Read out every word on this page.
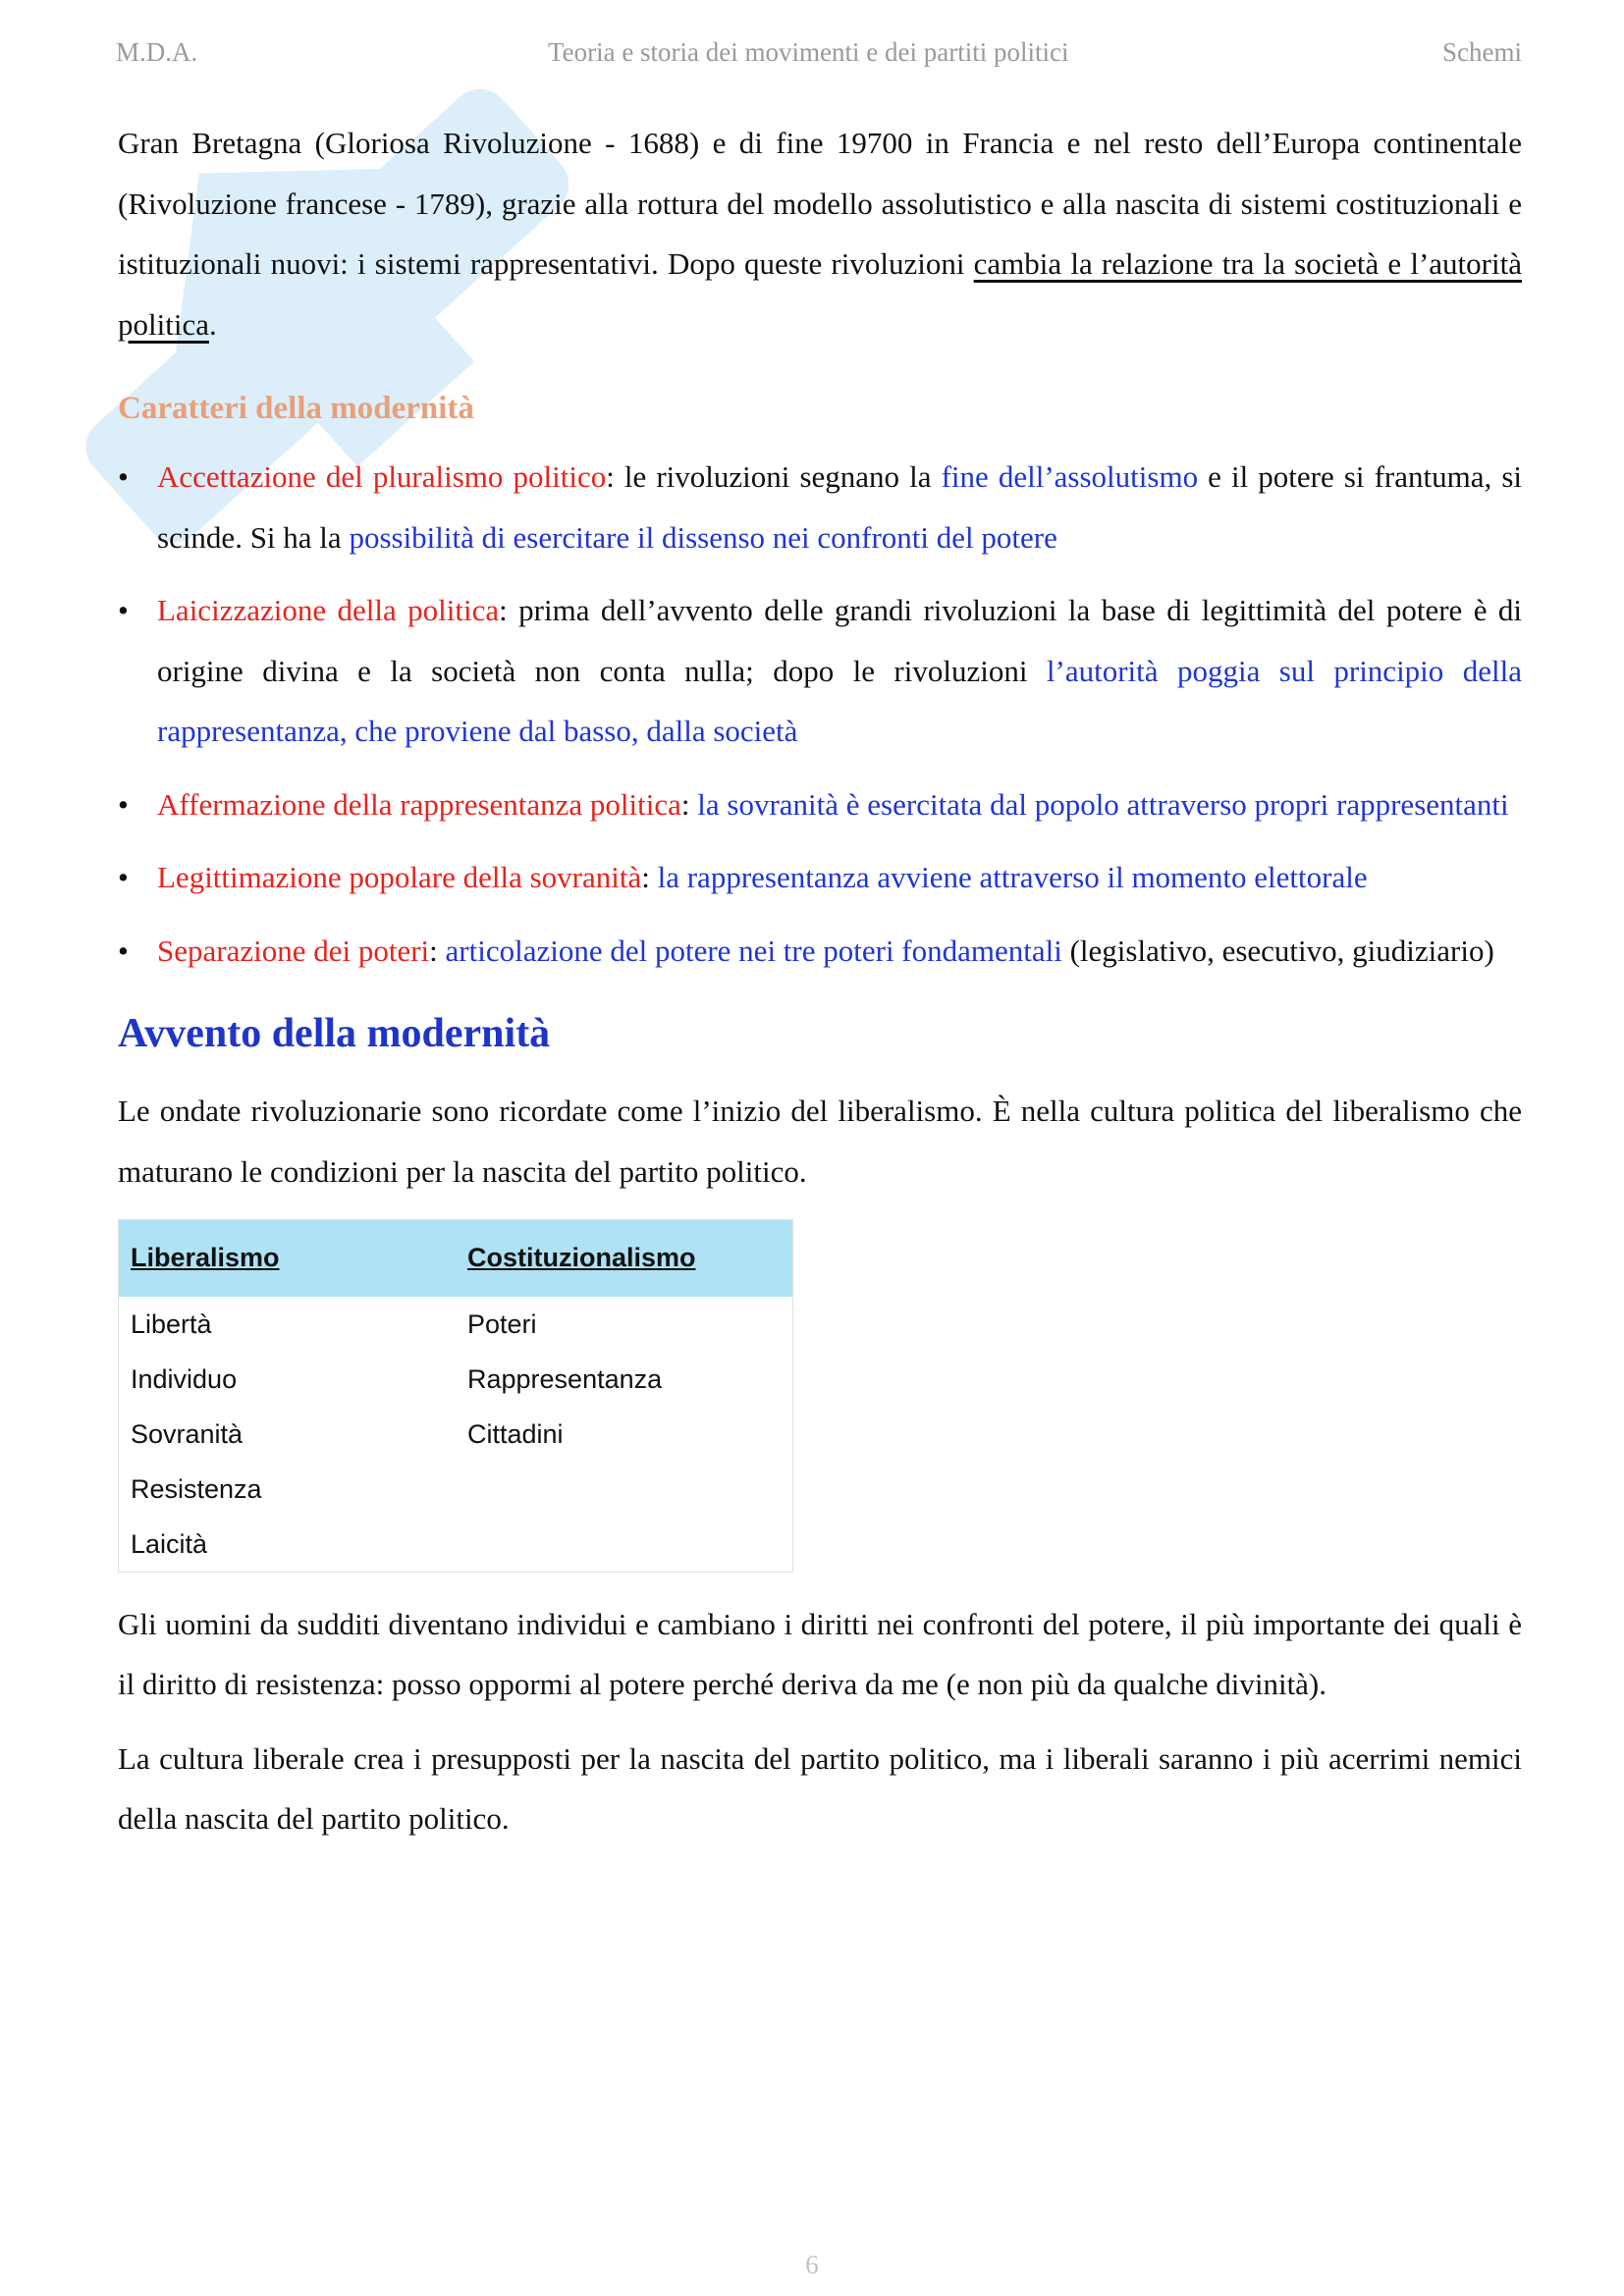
M.D.A.	Teoria e storia dei movimenti e dei partiti politici	Schemi

Gran Bretagna (Gloriosa Rivoluzione - 1688) e di fine 19700 in Francia e nel resto dell’Europa continentale (Rivoluzione francese - 1789), grazie alla rottura del modello assolutistico e alla nascita di sistemi costituzionali e istituzionali nuovi: i sistemi rappresentativi. Dopo queste rivoluzioni cambia la relazione tra la società e l’autorità politica.

Caratteri della modernità
• Accettazione del pluralismo politico: le rivoluzioni segnano la fine dell’assolutismo e il potere si frantuma, si scinde. Si ha la possibilità di esercitare il dissenso nei confronti del potere
• Laicizzazione della politica: prima dell’avvento delle grandi rivoluzioni la base di legittimità del potere è di origine divina e la società non conta nulla; dopo le rivoluzioni l’autorità poggia sul principio della rappresentanza, che proviene dal basso, dalla società
• Affermazione della rappresentanza politica: la sovranità è esercitata dal popolo attraverso propri rappresentanti
• Legittimazione popolare della sovranità: la rappresentanza avviene attraverso il momento elettorale
• Separazione dei poteri: articolazione del potere nei tre poteri fondamentali (legislativo, esecutivo, giudiziario)
Avvento della modernità

Le ondate rivoluzionarie sono ricordate come l’inizio del liberalismo. È nella cultura politica del liberalismo che maturano le condizioni per la nascita del partito politico.

Liberalismo	Costituzionalismo
Libertà	Poteri
Individuo	Rappresentanza
Sovranità	Cittadini
Resistenza	
Laicità	

Gli uomini da sudditi diventano individui e cambiano i diritti nei confronti del potere, il più importante dei quali è il diritto di resistenza: posso oppormi al potere perché deriva da me (e non più da qualche divinità).

La cultura liberale crea i presupposti per la nascita del partito politico, ma i liberali saranno i più acerrimi nemici della nascita del partito politico.

6
